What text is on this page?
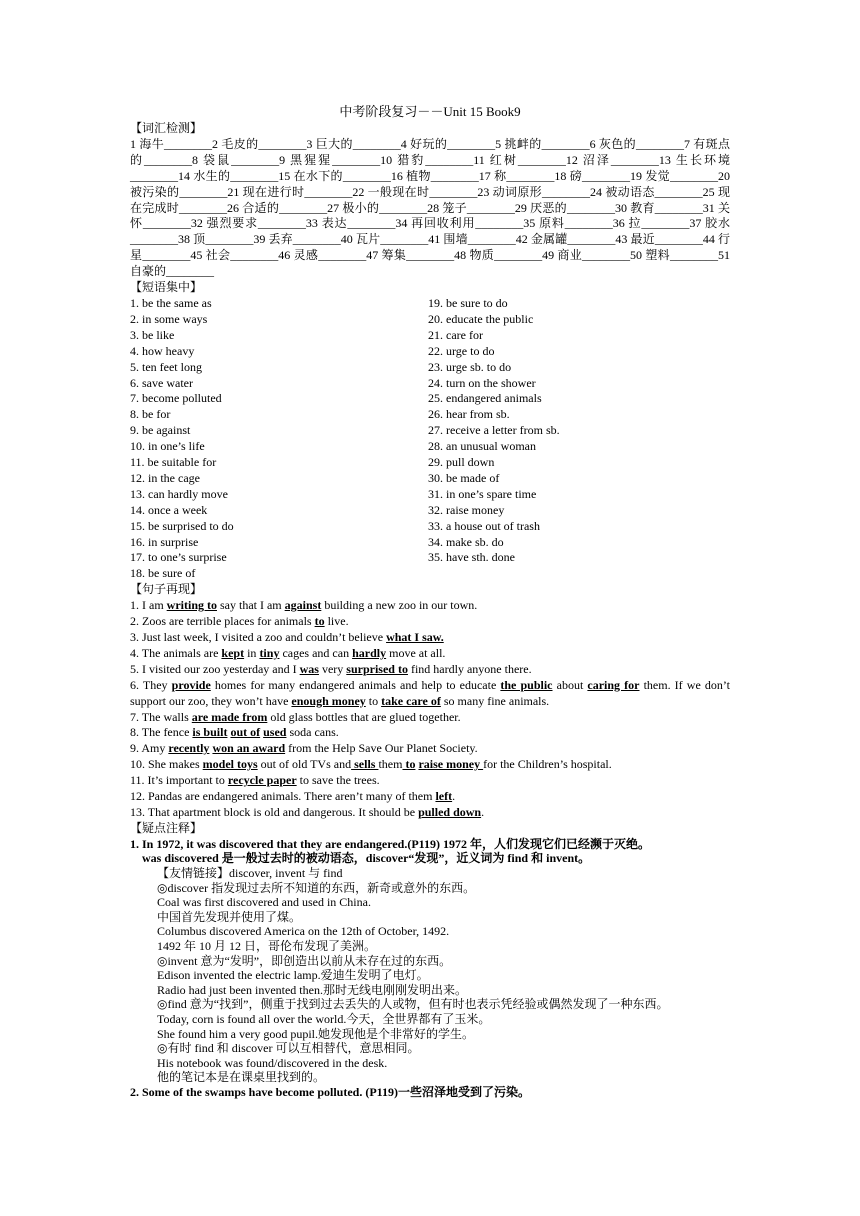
中考阶段复习－－Unit 15 Book9

【词汇检测】

1 海牛________2 毛皮的________3 巨大的________4 好玩的________5 挑衅的________6 灰色的________7 有斑点的________8 袋鼠________9 黑猩猩________10 猎豹________11 红树________12 沼泽________13 生长环境________14 水生的________15 在水下的________16 植物________17 称________18 磅________19 发觉________20 被污染的________21 现在进行时________22 一般现在时________23 动词原形________24 被动语态________25 现在完成时________26 合适的________27 极小的________28 笼子________29 厌恶的________30 教育________31 关怀________32 强烈要求________33 表达________34 再回收利用________35 原料________36 拉________37 胶水________38 顶________39 丢弃________40 瓦片________41 围墙________42 金属罐________43 最近________44 行星________45 社会________46 灵感________47 筹集________48 物质________49 商业________50 塑料________51 自豪的________

【短语集中】

1. be the same as

2. in some ways

3. be like

4. how heavy

5. ten feet long

6. save water

7. become polluted

8. be for

9. be against

10. in one’s life

11. be suitable for

12. in the cage

13. can hardly move

14. once a week

15. be surprised to do

16. in surprise

17. to one’s surprise

18. be sure of

19. be sure to do

20. educate the public

21. care for

22. urge to do

23. urge sb. to do

24. turn on the shower

25. endangered animals

26. hear from sb.

27. receive a letter from sb.

28. an unusual woman

29. pull down

30. be made of

31. in one’s spare time

32. raise money

33. a house out of trash

34. make sb. do

35. have sth. done

【句子再现】

1. I am writing to say that I am against building a new zoo in our town.

2. Zoos are terrible places for animals to live.

3. Just last week, I visited a zoo and couldn’t believe what I saw.

4. The animals are kept in tiny cages and can hardly move at all.

5. I visited our zoo yesterday and I was very surprised to find hardly anyone there.

6. They provide homes for many endangered animals and help to educate the public about caring for them. If we don’t support our zoo, they won’t have enough money to take care of so many fine animals.

7. The walls are made from old glass bottles that are glued together.

8. The fence is built out of used soda cans.

9. Amy recently won an award from the Help Save Our Planet Society.

10. She makes model toys out of old TVs and sells them to raise money for the Children’s hospital.

11. It’s important to recycle paper to save the trees.

12. Pandas are endangered animals. There aren’t many of them left.

13. That apartment block is old and dangerous. It should be pulled down.

【疑点注释】

1. In 1972, it was discovered that they are endangered.(P119) 1972 年，人们发现它们已经濒于灭绝。

was discovered 是一般过去时的被动语态，discover“发现”，近义词为 find 和 invent。

【友情链接】discover, invent 与 find

◎discover 指发现过去所不知道的东西，新奇或意外的东西。

Coal was first discovered and used in China.

中国首先发现并使用了煤。

Columbus discovered America on the 12th of October, 1492.

1492 年 10 月 12 日，哥伦布发现了美洲。

◎invent 意为“发明”，即创造出以前从未存在过的东西。

Edison invented the electric lamp.爱迪生发明了电灯。

Radio had just been invented then.那时无线电刚刚发明出来。

◎find 意为“找到”，侧重于找到过去丢失的人或物，但有时也表示凭经验或偶然发现了一种东西。

Today, corn is found all over the world.今天，全世界都有了玉米。

She found him a very good pupil.她发现他是个非常好的学生。

◎有时 find 和 discover 可以互相替代，意思相同。

His notebook was found/discovered in the desk.

他的笔记本是在课桌里找到的。

2. Some of the swamps have become polluted. (P119)一些沼泽地受到了污染。
